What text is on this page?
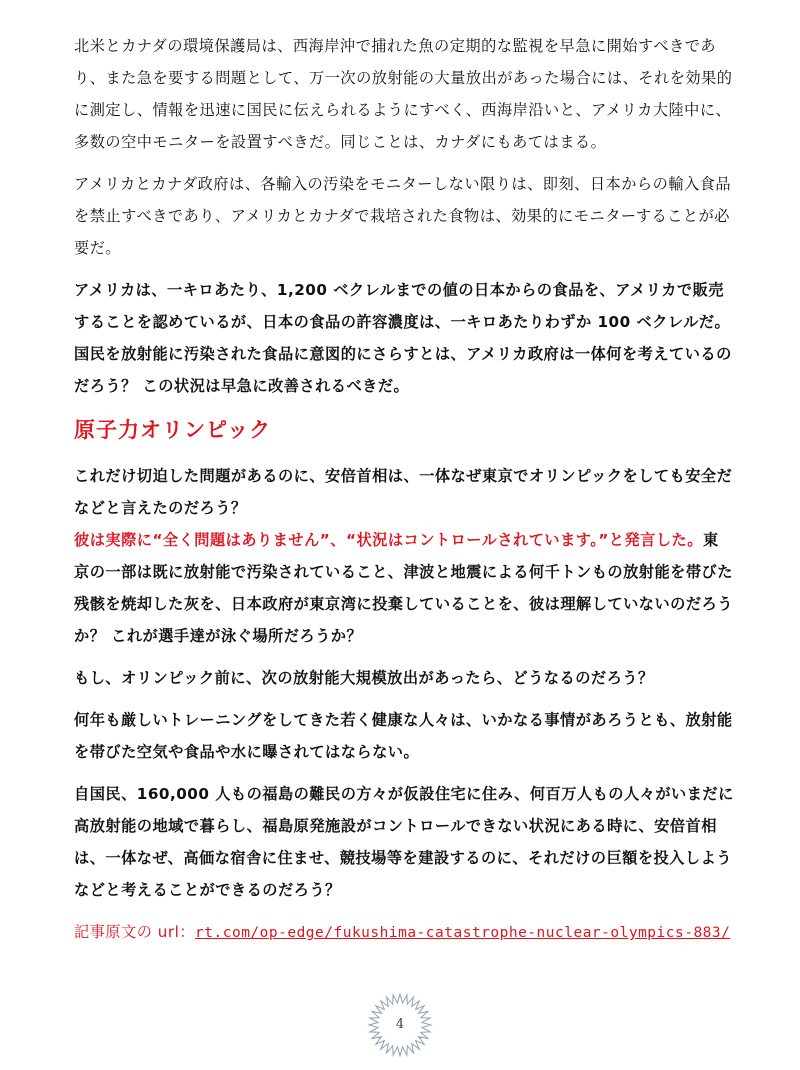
北米とカナダの環境保護局は、西海岸沖で捕れた魚の定期的な監視を早急に開始すべきであり、また急を要する問題として、万一次の放射能の大量放出があった場合には、それを効果的に測定し、情報を迅速に国民に伝えられるようにすべく、西海岸沿いと、アメリカ大陸中に、多数の空中モニターを設置すべきだ。同じことは、カナダにもあてはまる。

アメリカとカナダ政府は、各輸入の汚染をモニターしない限りは、即刻、日本からの輸入食品を禁止すべきであり、アメリカとカナダで栽培された食物は、効果的にモニターすることが必要だ。

アメリカは、一キロあたり、1,200 ベクレルまでの値の日本からの食品を、アメリカで販売することを認めているが、日本の食品の許容濃度は、一キロあたりわずか 100 ベクレルだ。国民を放射能に汚染された食品に意図的にさらすとは、アメリカ政府は一体何を考えているのだろう？ この状況は早急に改善されるべきだ。

原子力オリンピック

これだけ切迫した問題があるのに、安倍首相は、一体なぜ東京でオリンピックをしても安全だなどと言えたのだろう？
彼は実際に“全く問題はありません”、“状況はコントロールされています。”と発言した。東京の一部は既に放射能で汚染されていること、津波と地震による何千トンもの放射能を帯びた残骸を焼却した灰を、日本政府が東京湾に投棄していることを、彼は理解していないのだろうか？ これが選手達が泳ぐ場所だろうか？

もし、オリンピック前に、次の放射能大規模放出があったら、どうなるのだろう？

何年も厳しいトレーニングをしてきた若く健康な人々は、いかなる事情があろうとも、放射能を帯びた空気や食品や水に曝されてはならない。

自国民、160,000 人もの福島の難民の方々が仮設住宅に住み、何百万人もの人々がいまだに高放射能の地域で暮らし、福島原発施設がコントロールできない状況にある時に、安倍首相は、一体なぜ、高価な宿舎に住ませ、競技場等を建設するのに、それだけの巨額を投入しようなどと考えることができるのだろう？

記事原文の url：rt.com/op-edge/fukushima-catastrophe-nuclear-olympics-883/

4
